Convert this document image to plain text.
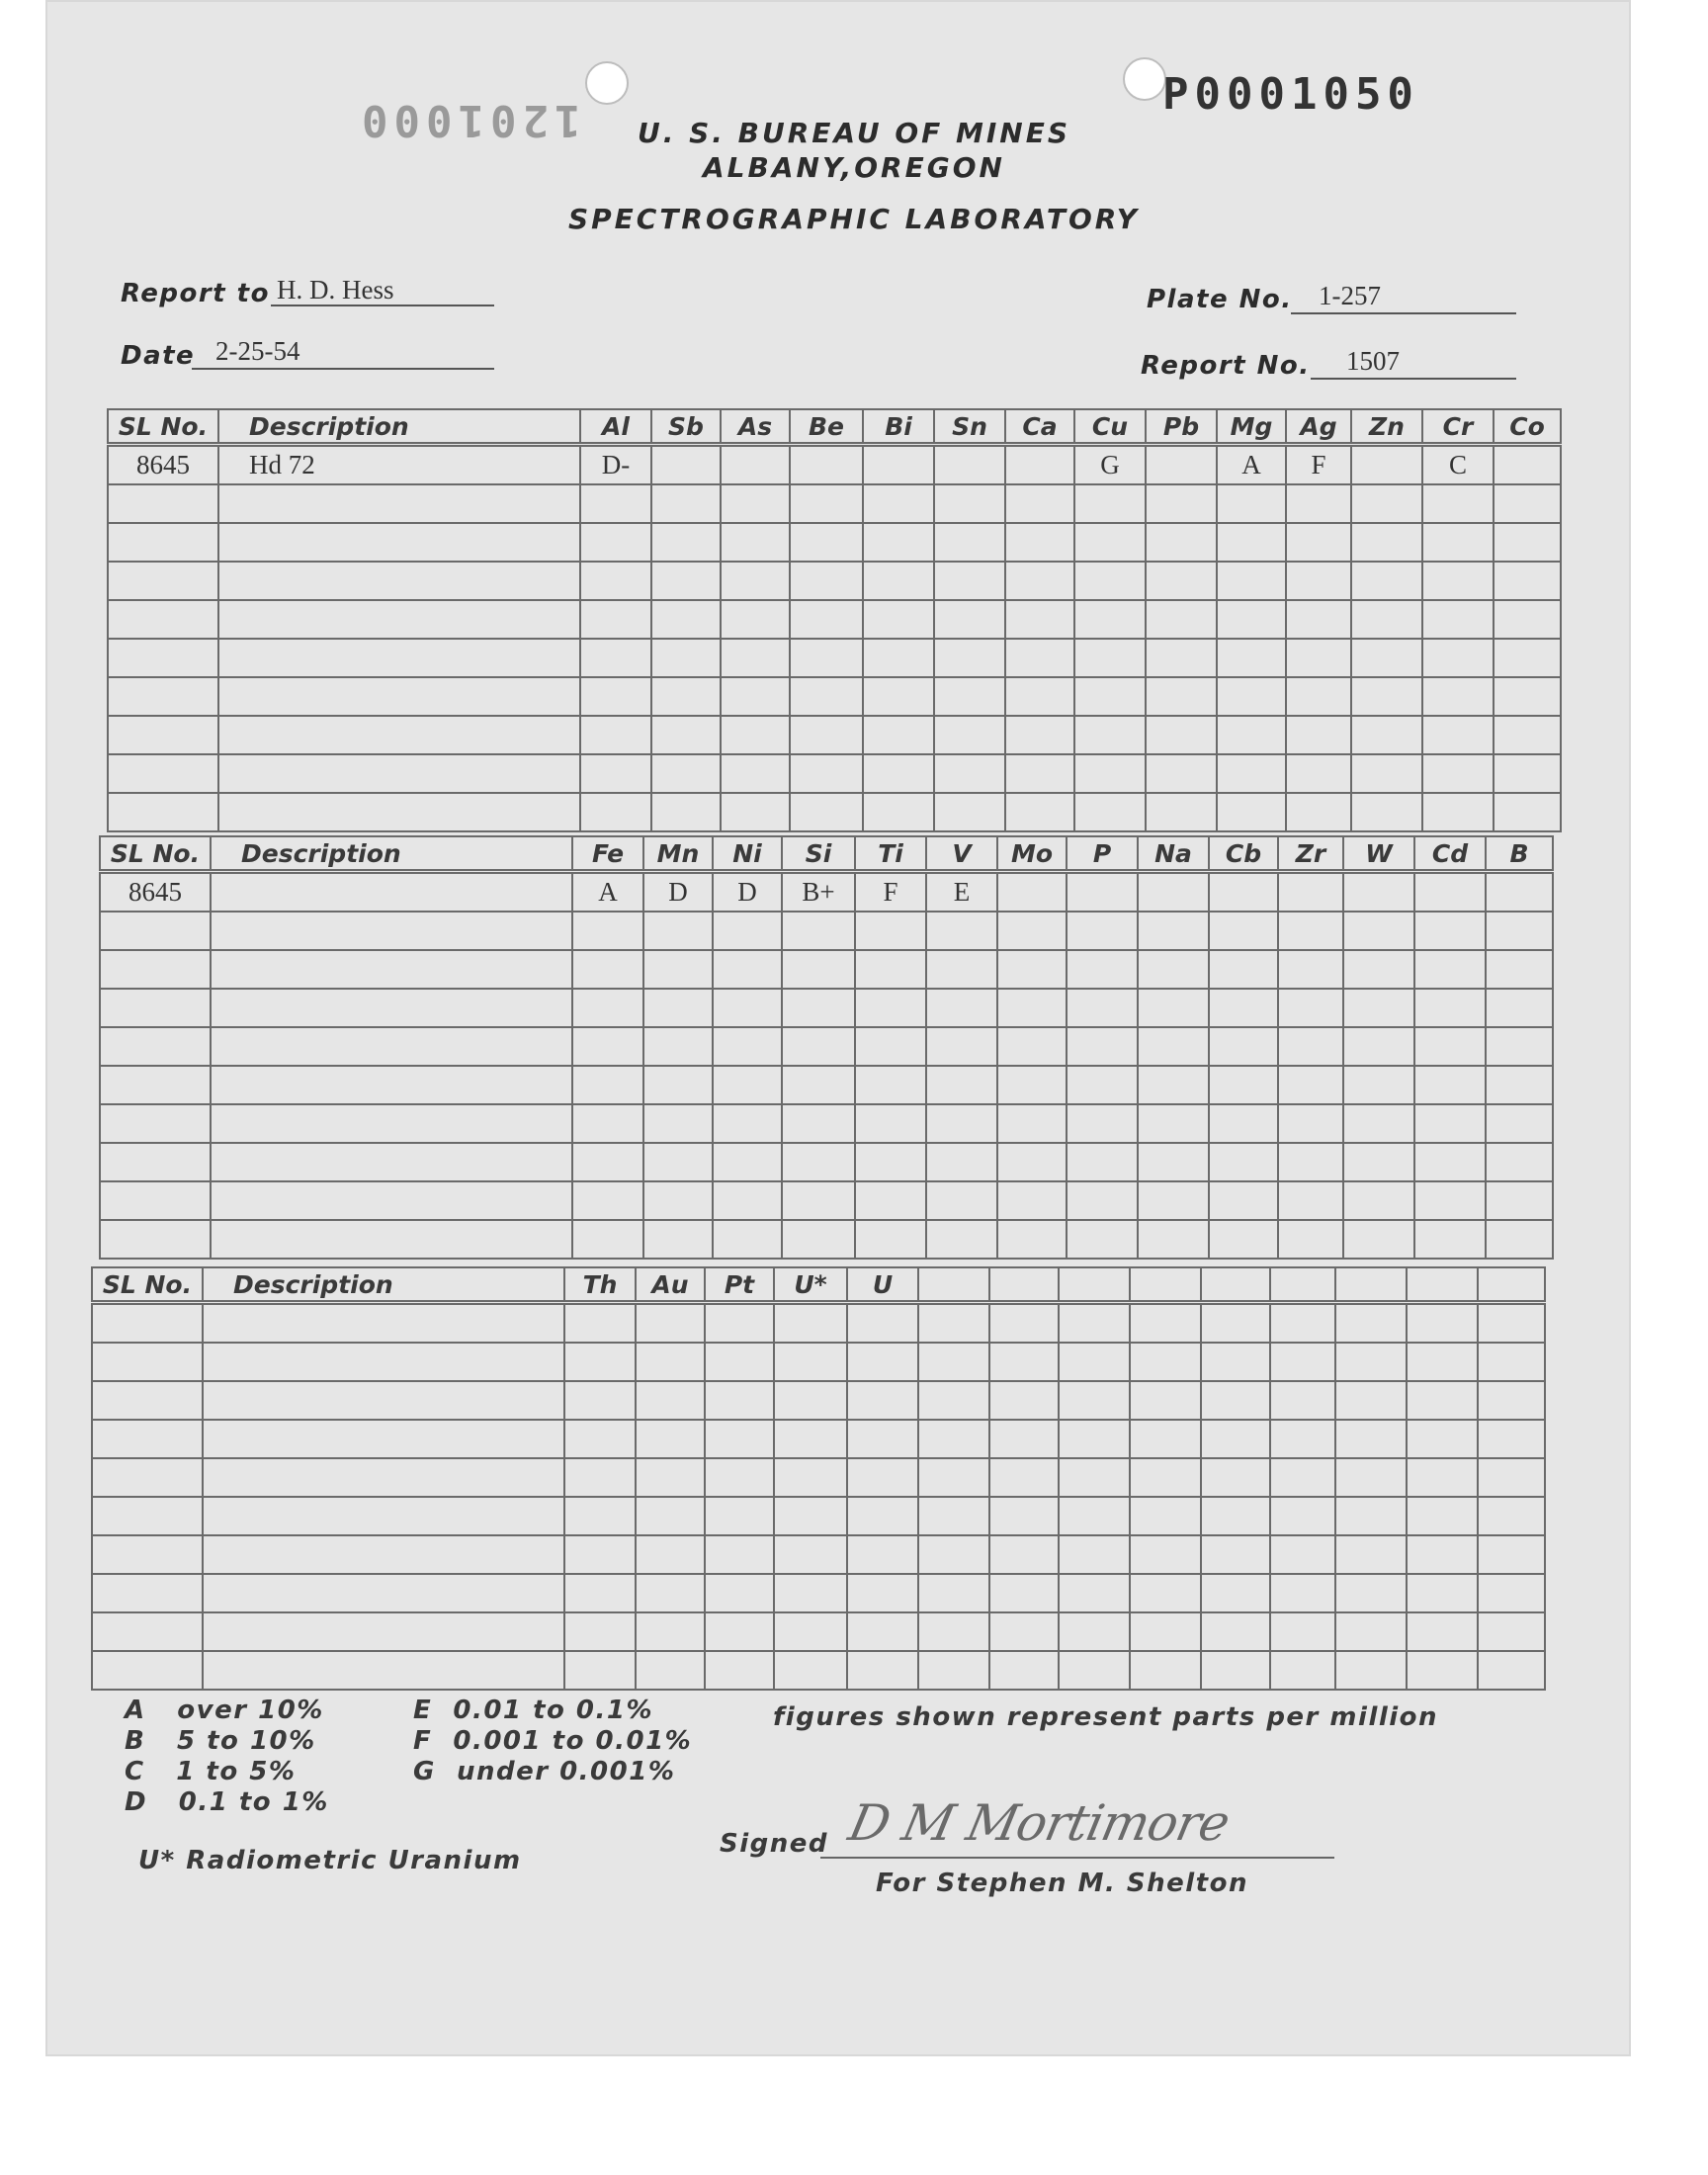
1201000
P0001050
U. S. BUREAU OF MINES
ALBANY,OREGON
SPECTROGRAPHIC LABORATORY
Report to H. D. Hess
Date 2-25-54
Plate No. 1-257
Report No. 1507
SL No.	Description	Al	Sb	As	Be	Bi	Sn	Ca	Cu	Pb	Mg	Ag	Zn	Cr	Co
8645	Hd 72	D-							G		A	F		C	

SL No.	Description	Fe	Mn	Ni	Si	Ti	V	Mo	P	Na	Cb	Zr	W	Cd	B
8645		A	D	D	B+	F	E								

SL No.	Description	Th	Au	Pt	U*	U									

A over 10%
B 5 to 10%
C 1 to 5%
D 0.1 to 1%
E 0.01 to 0.1%
F 0.001 to 0.01%
G under 0.001%
figures shown represent parts per million
U* Radiometric Uranium
Signed D M Mortimore
For Stephen M. Shelton
